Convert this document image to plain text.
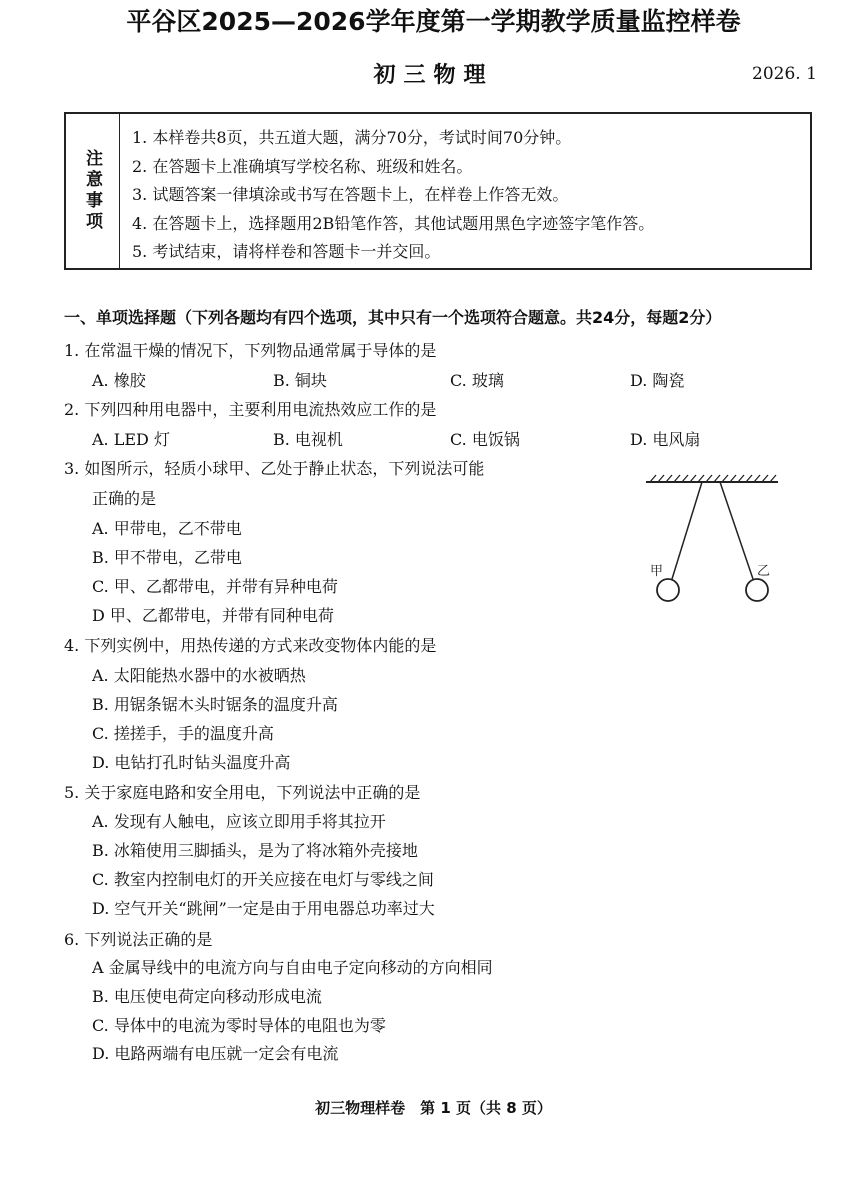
平谷区2025—2026学年度第一学期教学质量监控样卷
初三物理	2026. 1
注意事项
1. 本样卷共8页，共五道大题，满分70分，考试时间70分钟。
2. 在答题卡上准确填写学校名称、班级和姓名。
3. 试题答案一律填涂或书写在答题卡上，在样卷上作答无效。
4. 在答题卡上，选择题用2B铅笔作答，其他试题用黑色字迹签字笔作答。
5. 考试结束，请将样卷和答题卡一并交回。
一、单项选择题（下列各题均有四个选项，其中只有一个选项符合题意。共24分，每题2分）
1. 在常温干燥的情况下，下列物品通常属于导体的是
A. 橡胶	B. 铜块	C. 玻璃	D. 陶瓷
2. 下列四种用电器中，主要利用电流热效应工作的是
A. LED 灯	B. 电视机	C. 电饭锅	D. 电风扇
3. 如图所示，轻质小球甲、乙处于静止状态，下列说法可能
正确的是
A. 甲带电，乙不带电
B. 甲不带电，乙带电
C. 甲、乙都带电，并带有异种电荷
D 甲、乙都带电，并带有同种电荷
甲	乙
4. 下列实例中，用热传递的方式来改变物体内能的是
A. 太阳能热水器中的水被晒热
B. 用锯条锯木头时锯条的温度升高
C. 搓搓手，手的温度升高
D. 电钻打孔时钻头温度升高
5. 关于家庭电路和安全用电，下列说法中正确的是
A. 发现有人触电，应该立即用手将其拉开
B. 冰箱使用三脚插头，是为了将冰箱外壳接地
C. 教室内控制电灯的开关应接在电灯与零线之间
D. 空气开关“跳闸”一定是由于用电器总功率过大
6. 下列说法正确的是
A 金属导线中的电流方向与自由电子定向移动的方向相同
B. 电压使电荷定向移动形成电流
C. 导体中的电流为零时导体的电阻也为零
D. 电路两端有电压就一定会有电流
初三物理样卷　第 1 页（共 8 页）
